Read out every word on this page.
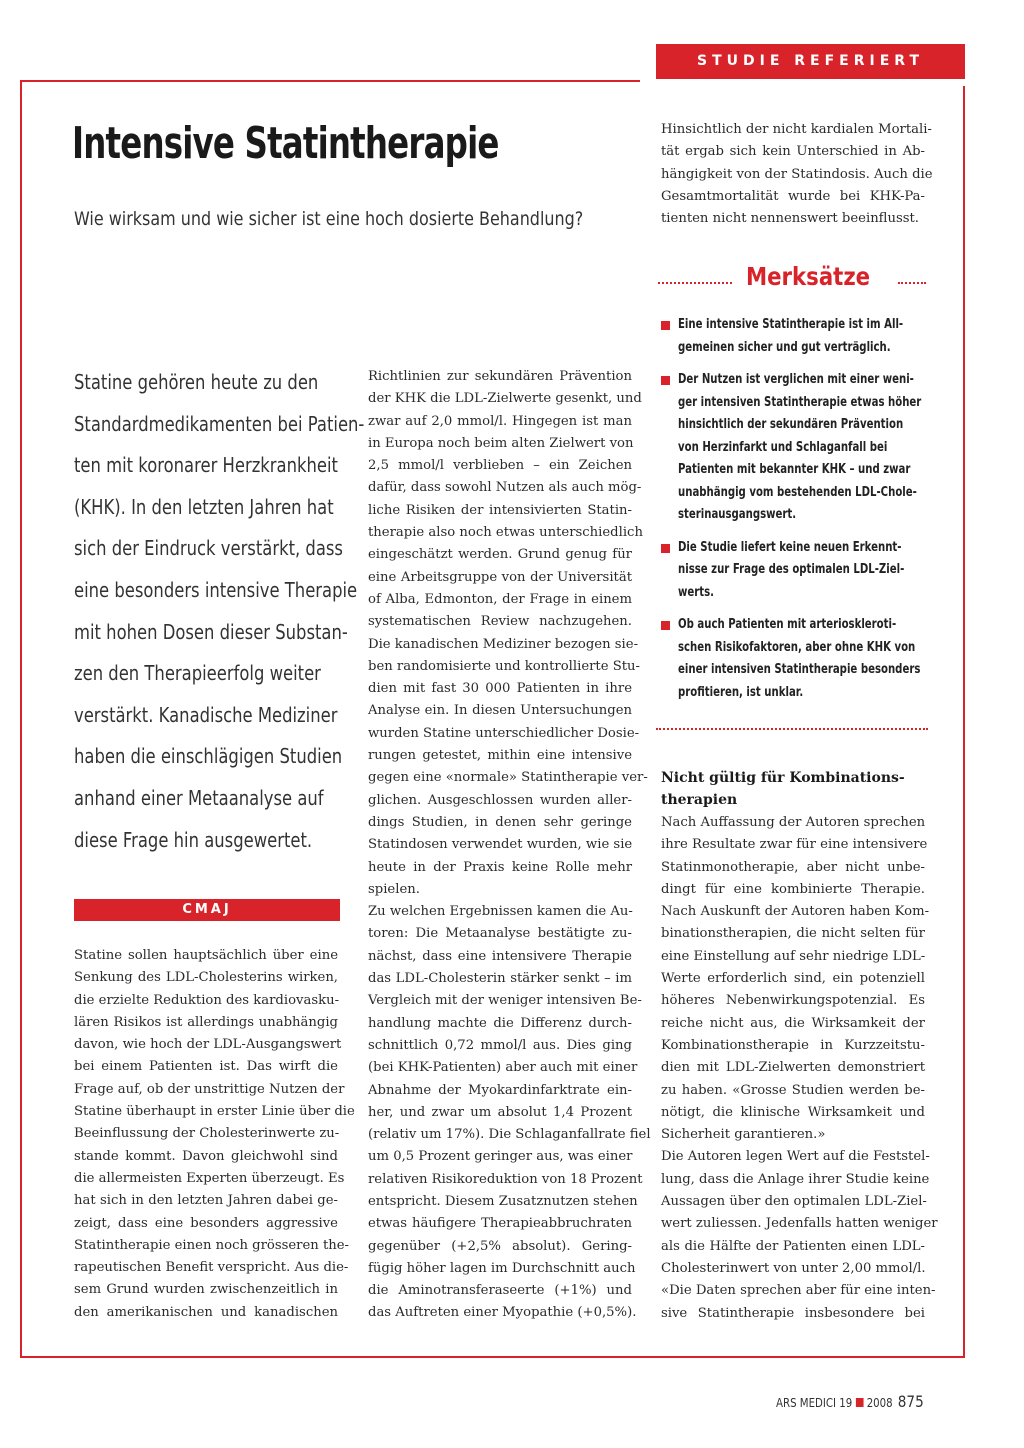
STUDIE REFERIERT
Intensive Statintherapie
Wie wirksam und wie sicher ist eine hoch dosierte Behandlung?
Statine gehören heute zu den
Standardmedikamenten bei Patien-
ten mit koronarer Herzkrankheit
(KHK). In den letzten Jahren hat
sich der Eindruck verstärkt, dass
eine besonders intensive Therapie
mit hohen Dosen dieser Substan-
zen den Therapieerfolg weiter
verstärkt. Kanadische Mediziner
haben die einschlägigen Studien
anhand einer Metaanalyse auf
diese Frage hin ausgewertet.
CMAJ
Statine sollen hauptsächlich über eine
Senkung des LDL-Cholesterins wirken,
die erzielte Reduktion des kardiovasku-
lären Risikos ist allerdings unabhängig
davon, wie hoch der LDL-Ausgangswert
bei einem Patienten ist. Das wirft die
Frage auf, ob der unstrittige Nutzen der
Statine überhaupt in erster Linie über die
Beeinflussung der Cholesterinwerte zu-
stande kommt. Davon gleichwohl sind
die allermeisten Experten überzeugt. Es
hat sich in den letzten Jahren dabei ge-
zeigt, dass eine besonders aggressive
Statintherapie einen noch grösseren the-
rapeutischen Benefit verspricht. Aus die-
sem Grund wurden zwischenzeitlich in
den amerikanischen und kanadischen
Richtlinien zur sekundären Prävention
der KHK die LDL-Zielwerte gesenkt, und
zwar auf 2,0 mmol/l. Hingegen ist man
in Europa noch beim alten Zielwert von
2,5 mmol/l verblieben – ein Zeichen
dafür, dass sowohl Nutzen als auch mög-
liche Risiken der intensivierten Statin-
therapie also noch etwas unterschiedlich
eingeschätzt werden. Grund genug für
eine Arbeitsgruppe von der Universität
of Alba, Edmonton, der Frage in einem
systematischen Review nachzugehen.
Die kanadischen Mediziner bezogen sie-
ben randomisierte und kontrollierte Stu-
dien mit fast 30 000 Patienten in ihre
Analyse ein. In diesen Untersuchungen
wurden Statine unterschiedlicher Dosie-
rungen getestet, mithin eine intensive
gegen eine «normale» Statintherapie ver-
glichen. Ausgeschlossen wurden aller-
dings Studien, in denen sehr geringe
Statindosen verwendet wurden, wie sie
heute in der Praxis keine Rolle mehr
spielen.
Zu welchen Ergebnissen kamen die Au-
toren: Die Metaanalyse bestätigte zu-
nächst, dass eine intensivere Therapie
das LDL-Cholesterin stärker senkt – im
Vergleich mit der weniger intensiven Be-
handlung machte die Differenz durch-
schnittlich 0,72 mmol/l aus. Dies ging
(bei KHK-Patienten) aber auch mit einer
Abnahme der Myokardinfarktrate ein-
her, und zwar um absolut 1,4 Prozent
(relativ um 17%). Die Schlaganfallrate fiel
um 0,5 Prozent geringer aus, was einer
relativen Risikoreduktion von 18 Prozent
entspricht. Diesem Zusatznutzen stehen
etwas häufigere Therapieabbruchraten
gegenüber (+2,5% absolut). Gering-
fügig höher lagen im Durchschnitt auch
die Aminotransferaseerte (+1%) und
das Auftreten einer Myopathie (+0,5%).
Hinsichtlich der nicht kardialen Mortali-
tät ergab sich kein Unterschied in Ab-
hängigkeit von der Statindosis. Auch die
Gesamtmortalität wurde bei KHK-Pa-
tienten nicht nennenswert beeinflusst.
Merksätze
Eine intensive Statintherapie ist im All-
gemeinen sicher und gut verträglich.
Der Nutzen ist verglichen mit einer weni-
ger intensiven Statintherapie etwas höher
hinsichtlich der sekundären Prävention
von Herzinfarkt und Schlaganfall bei
Patienten mit bekannter KHK – und zwar
unabhängig vom bestehenden LDL-Chole-
sterinausgangswert.
Die Studie liefert keine neuen Erkennt-
nisse zur Frage des optimalen LDL-Ziel-
werts.
Ob auch Patienten mit arterioskleroti-
schen Risikofaktoren, aber ohne KHK von
einer intensiven Statintherapie besonders
profitieren, ist unklar.
Nicht gültig für Kombinations-
therapien
Nach Auffassung der Autoren sprechen
ihre Resultate zwar für eine intensivere
Statinmonotherapie, aber nicht unbe-
dingt für eine kombinierte Therapie.
Nach Auskunft der Autoren haben Kom-
binationstherapien, die nicht selten für
eine Einstellung auf sehr niedrige LDL-
Werte erforderlich sind, ein potenziell
höheres Nebenwirkungspotenzial. Es
reiche nicht aus, die Wirksamkeit der
Kombinationstherapie in Kurzzeitstu-
dien mit LDL-Zielwerten demonstriert
zu haben. «Grosse Studien werden be-
nötigt, die klinische Wirksamkeit und
Sicherheit garantieren.»
Die Autoren legen Wert auf die Feststel-
lung, dass die Anlage ihrer Studie keine
Aussagen über den optimalen LDL-Ziel-
wert zuliessen. Jedenfalls hatten weniger
als die Hälfte der Patienten einen LDL-
Cholesterinwert von unter 2,00 mmol/l.
«Die Daten sprechen aber für eine inten-
sive Statintherapie insbesondere bei
ARS MEDICI 19 2008 875
